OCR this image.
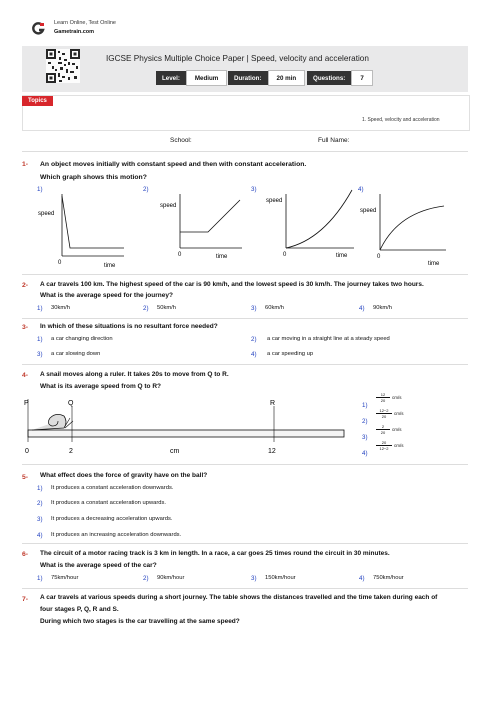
Learn Online, Test Online
Gametrain.com
IGCSE Physics Multiple Choice Paper | Speed, velocity and acceleration
Level:	Medium	Duration:	20 min	Questions:	7
Topics
1. Speed, velocity and acceleration
School:	Full Name:
1- An object moves initially with constant speed and then with constant acceleration.
Which graph shows this motion?
1)	2)	3)	4)
speed
time
0
speed
time
0
speed
time
0
speed
time
0
2- A car travels 100 km. The highest speed of the car is 90 km/h, and the lowest speed is 30 km/h. The journey takes two hours.
What is the average speed for the journey?
1) 30km/h	2) 50km/h	3) 60km/h	4) 90km/h
3- In which of these situations is no resultant force needed?
1) a car changing direction	2) a car moving in a straight line at a steady speed
3) a car slowing down	4) a car speeding up
4- A snail moves along a ruler. It takes 20s to move from Q to R.
What is its average speed from Q to R?
P	Q	R
0	2	cm	12
1)
$\frac{12}{20} cm/s$
2)
$\frac{12-2}{20} cm/s$
3)
$\frac{2}{20} cm/s$
4)
$\frac{20}{12-2} cm/s$
5- What effect does the force of gravity have on the ball?
1) It produces a constant acceleration downwards.
2) It produces a constant acceleration upwards.
3) It produces a decreasing acceleration upwards.
4) It produces an increasing acceleration downwards.
6- The circuit of a motor racing track is 3 km in length. In a race, a car goes 25 times round the circuit in 30 minutes.
What is the average speed of the car?
1) 75km/hour	2) 90km/hour	3) 150km/hour	4) 750km/hour
7- A car travels at various speeds during a short journey. The table shows the distances travelled and the time taken during each of
four stages P, Q, R and S.
During which two stages is the car travelling at the same speed?
